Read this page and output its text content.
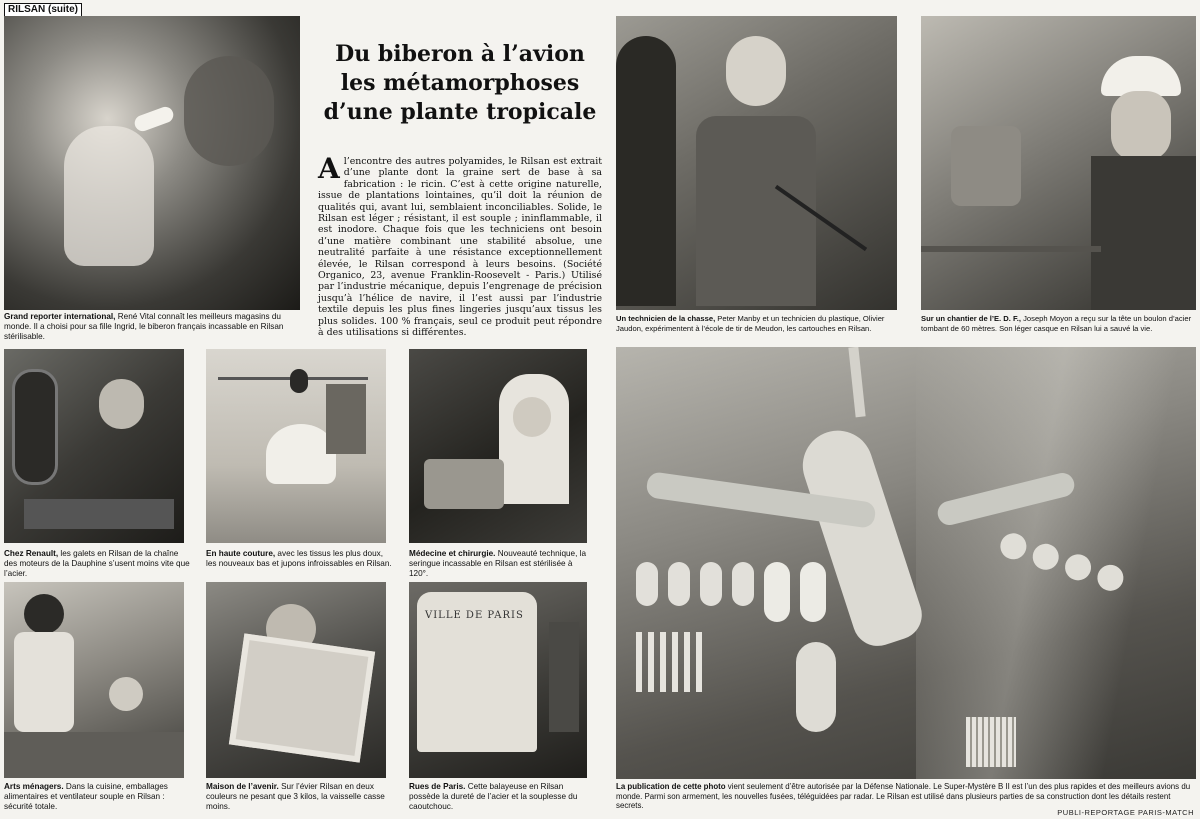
RILSAN (suite)
Grand reporter international, René Vital connaît les meilleurs magasins du monde. Il a choisi pour sa fille Ingrid, le biberon français incassable en Rilsan stérilisable.
Du biberon à l’avion les métamorphoses d’une plante tropicale
Al’encontre des autres polyamides, le Rilsan est extrait d’une plante dont la graine sert de base à sa fabrication : le ricin. C’est à cette origine naturelle, issue de plantations lointaines, qu’il doit la réunion de qualités qui, avant lui, semblaient inconciliables. Solide, le Rilsan est léger ; résistant, il est souple ; ininflammable, il est inodore. Chaque fois que les techniciens ont besoin d’une matière combinant une stabilité absolue, une neutralité parfaite à une résistance exceptionnellement élevée, le Rilsan correspond à leurs besoins. (Société Organico, 23, avenue Franklin-Roosevelt - Paris.) Utilisé par l’industrie mécanique, depuis l’engrenage de précision jusqu’à l’hélice de navire, il l’est aussi par l’industrie textile depuis les plus fines lingeries jusqu’aux tissus les plus solides. 100 % français, seul ce produit peut répondre à des utilisations si différentes.
Chez Renault, les galets en Rilsan de la chaîne des moteurs de la Dauphine s’usent moins vite que l’acier.
En haute couture, avec les tissus les plus doux, les nouveaux bas et jupons infroissables en Rilsan.
Médecine et chirurgie. Nouveauté technique, la seringue incassable en Rilsan est stérilisée à 120°.
Arts ménagers. Dans la cuisine, emballages alimentaires et ventilateur souple en Rilsan : sécurité totale.
Maison de l’avenir. Sur l’évier Rilsan en deux couleurs ne pesant que 3 kilos, la vaisselle casse moins.
VILLE DE PARIS
Rues de Paris. Cette balayeuse en Rilsan possède la dureté de l’acier et la souplesse du caoutchouc.
Un technicien de la chasse, Peter Manby et un technicien du plastique, Olivier Jaudon, expérimentent à l’école de tir de Meudon, les cartouches en Rilsan.
Sur un chantier de l’E. D. F., Joseph Moyon a reçu sur la tête un boulon d’acier tombant de 60 mètres. Son léger casque en Rilsan lui a sauvé la vie.
La publication de cette photo vient seulement d’être autorisée par la Défense Nationale. Le Super-Mystère B II est l’un des plus rapides et des meilleurs avions du monde. Parmi son armement, les nouvelles fusées, téléguidées par radar. Le Rilsan est utilisé dans plusieurs parties de sa construction dont les détails restent secrets.
PUBLI-REPORTAGE PARIS-MATCH
